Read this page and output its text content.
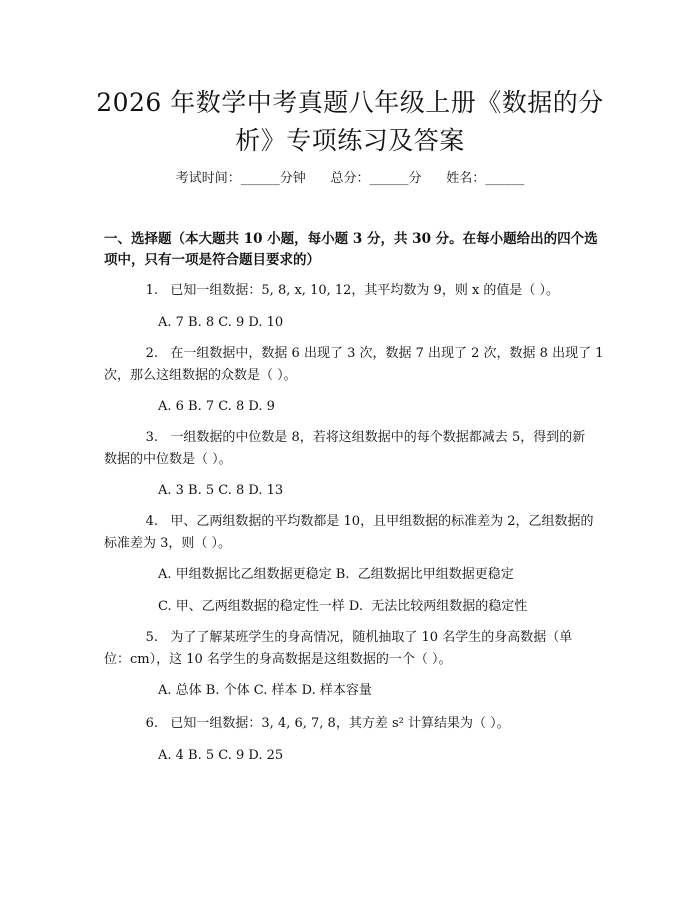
2026 年数学中考真题八年级上册《数据的分
析》专项练习及答案
考试时间：______分钟      总分：______分      姓名：______
一、选择题（本大题共 10 小题，每小题 3 分，共 30 分。在每小题给出的四个选
项中，只有一项是符合题目要求的）
1. 已知一组数据：5, 8, x, 10, 12，其平均数为 9，则 x 的值是（ ）。
A. 7 B. 8 C. 9 D. 10
2. 在一组数据中，数据 6 出现了 3 次，数据 7 出现了 2 次，数据 8 出现了 1
次，那么这组数据的众数是（ ）。
A. 6 B. 7 C. 8 D. 9
3. 一组数据的中位数是 8，若将这组数据中的每个数据都减去 5，得到的新
数据的中位数是（ ）。
A. 3 B. 5 C. 8 D. 13
4. 甲、乙两组数据的平均数都是 10，且甲组数据的标准差为 2，乙组数据的
标准差为 3，则（ ）。
A. 甲组数据比乙组数据更稳定 B.  乙组数据比甲组数据更稳定
C. 甲、乙两组数据的稳定性一样 D.  无法比较两组数据的稳定性
5. 为了了解某班学生的身高情况，随机抽取了 10 名学生的身高数据（单
位：cm），这 10 名学生的身高数据是这组数据的一个（ ）。
A. 总体 B. 个体 C. 样本 D. 样本容量
6. 已知一组数据：3, 4, 6, 7, 8，其方差 s² 计算结果为（ ）。
A. 4 B. 5 C. 9 D. 25
